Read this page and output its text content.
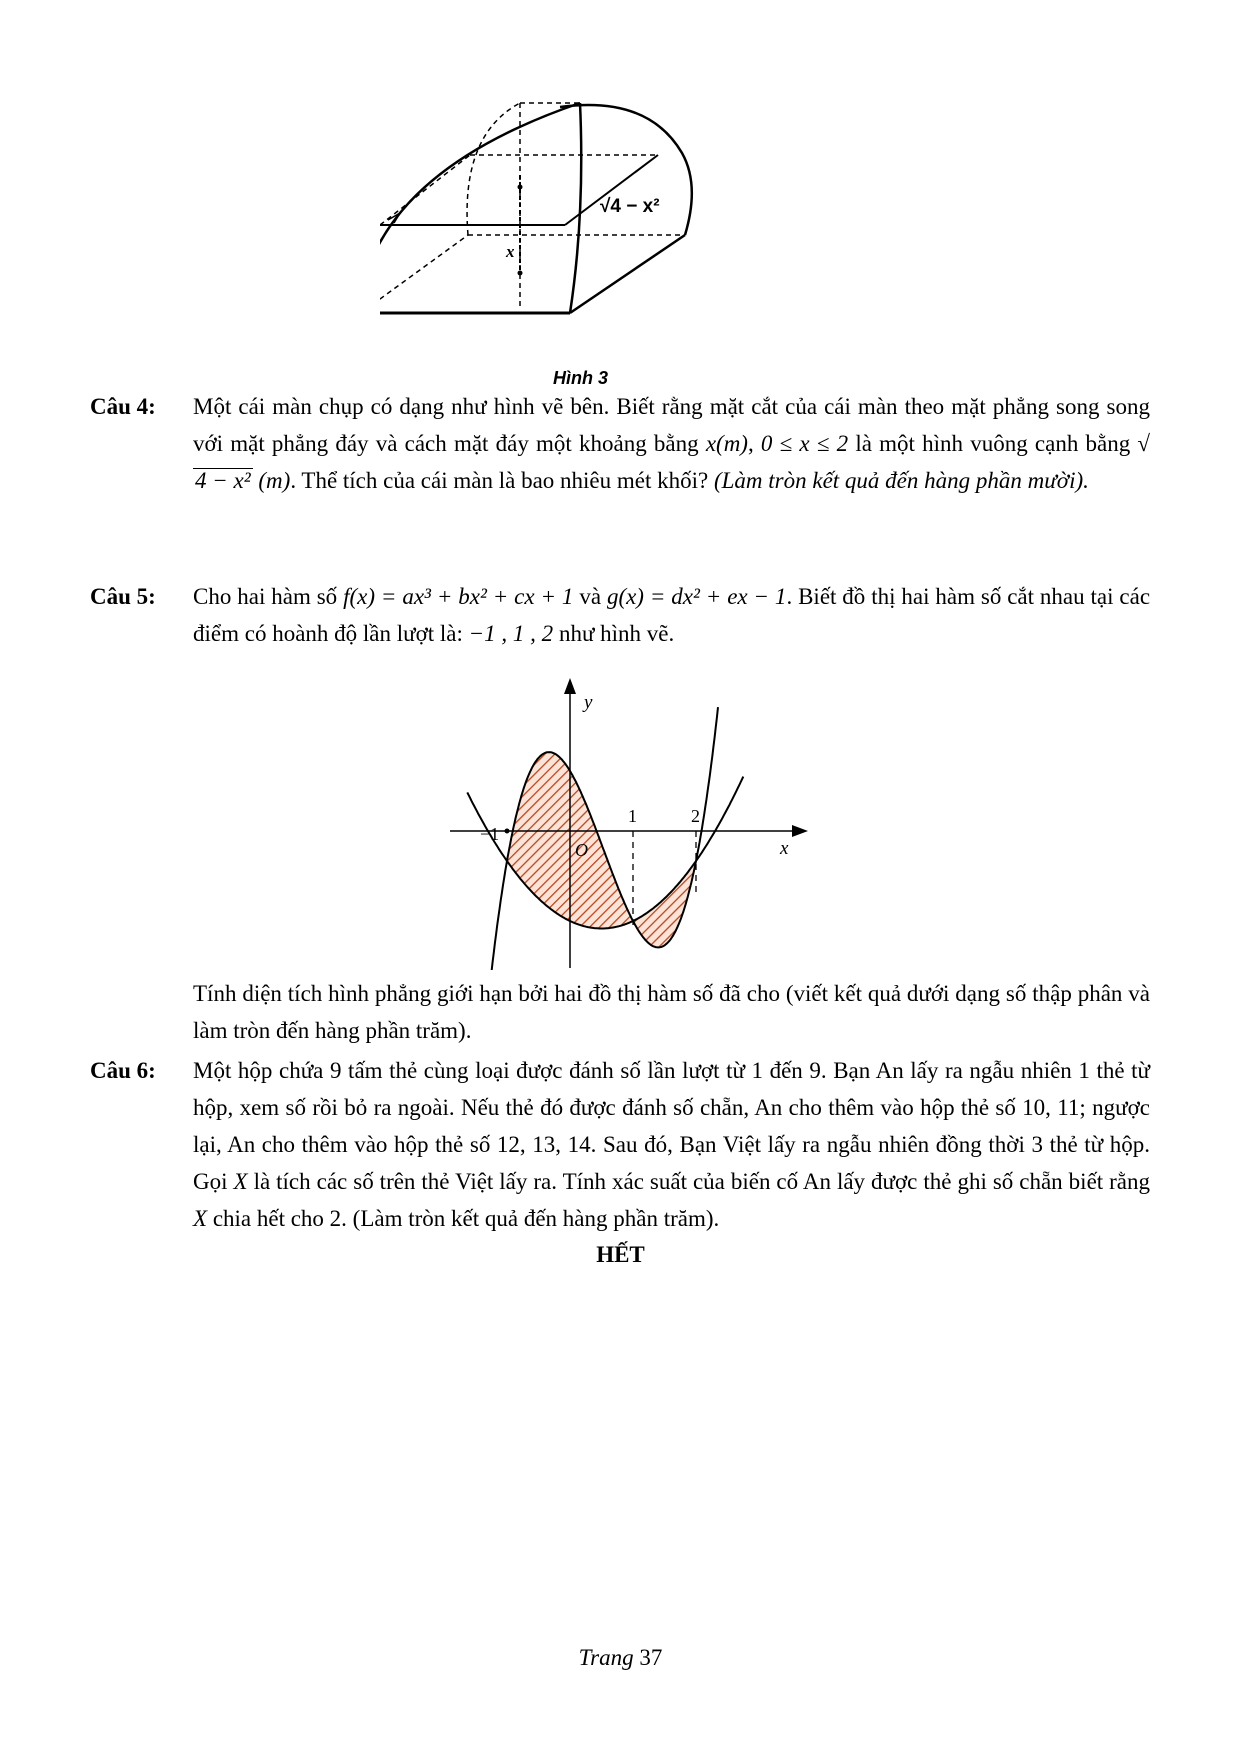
x
√4 − x²
Hình 3
Câu 4: Một cái màn chụp có dạng như hình vẽ bên. Biết rằng mặt cắt của cái màn theo mặt phẳng song song với mặt phẳng đáy và cách mặt đáy một khoảng bằng x(m), 0 ≤ x ≤ 2 là một hình vuông cạnh bằng √4 − x² (m). Thể tích của cái màn là bao nhiêu mét khối? (Làm tròn kết quả đến hàng phần mười).
Câu 5: Cho hai hàm số f(x) = ax³ + bx² + cx + 1 và g(x) = dx² + ex − 1. Biết đồ thị hai hàm số cắt nhau tại các điểm có hoành độ lần lượt là: −1 , 1 , 2 như hình vẽ.
y
x
O
−1
1	2
Tính diện tích hình phẳng giới hạn bởi hai đồ thị hàm số đã cho (viết kết quả dưới dạng số thập phân và làm tròn đến hàng phần trăm).
Câu 6: Một hộp chứa 9 tấm thẻ cùng loại được đánh số lần lượt từ 1 đến 9. Bạn An lấy ra ngẫu nhiên 1 thẻ từ hộp, xem số rồi bỏ ra ngoài. Nếu thẻ đó được đánh số chẵn, An cho thêm vào hộp thẻ số 10, 11; ngược lại, An cho thêm vào hộp thẻ số 12, 13, 14. Sau đó, Bạn Việt lấy ra ngẫu nhiên đồng thời 3 thẻ từ hộp. Gọi X là tích các số trên thẻ Việt lấy ra. Tính xác suất của biến cố An lấy được thẻ ghi số chẵn biết rằng X chia hết cho 2. (Làm tròn kết quả đến hàng phần trăm).
HẾT
Trang 37
